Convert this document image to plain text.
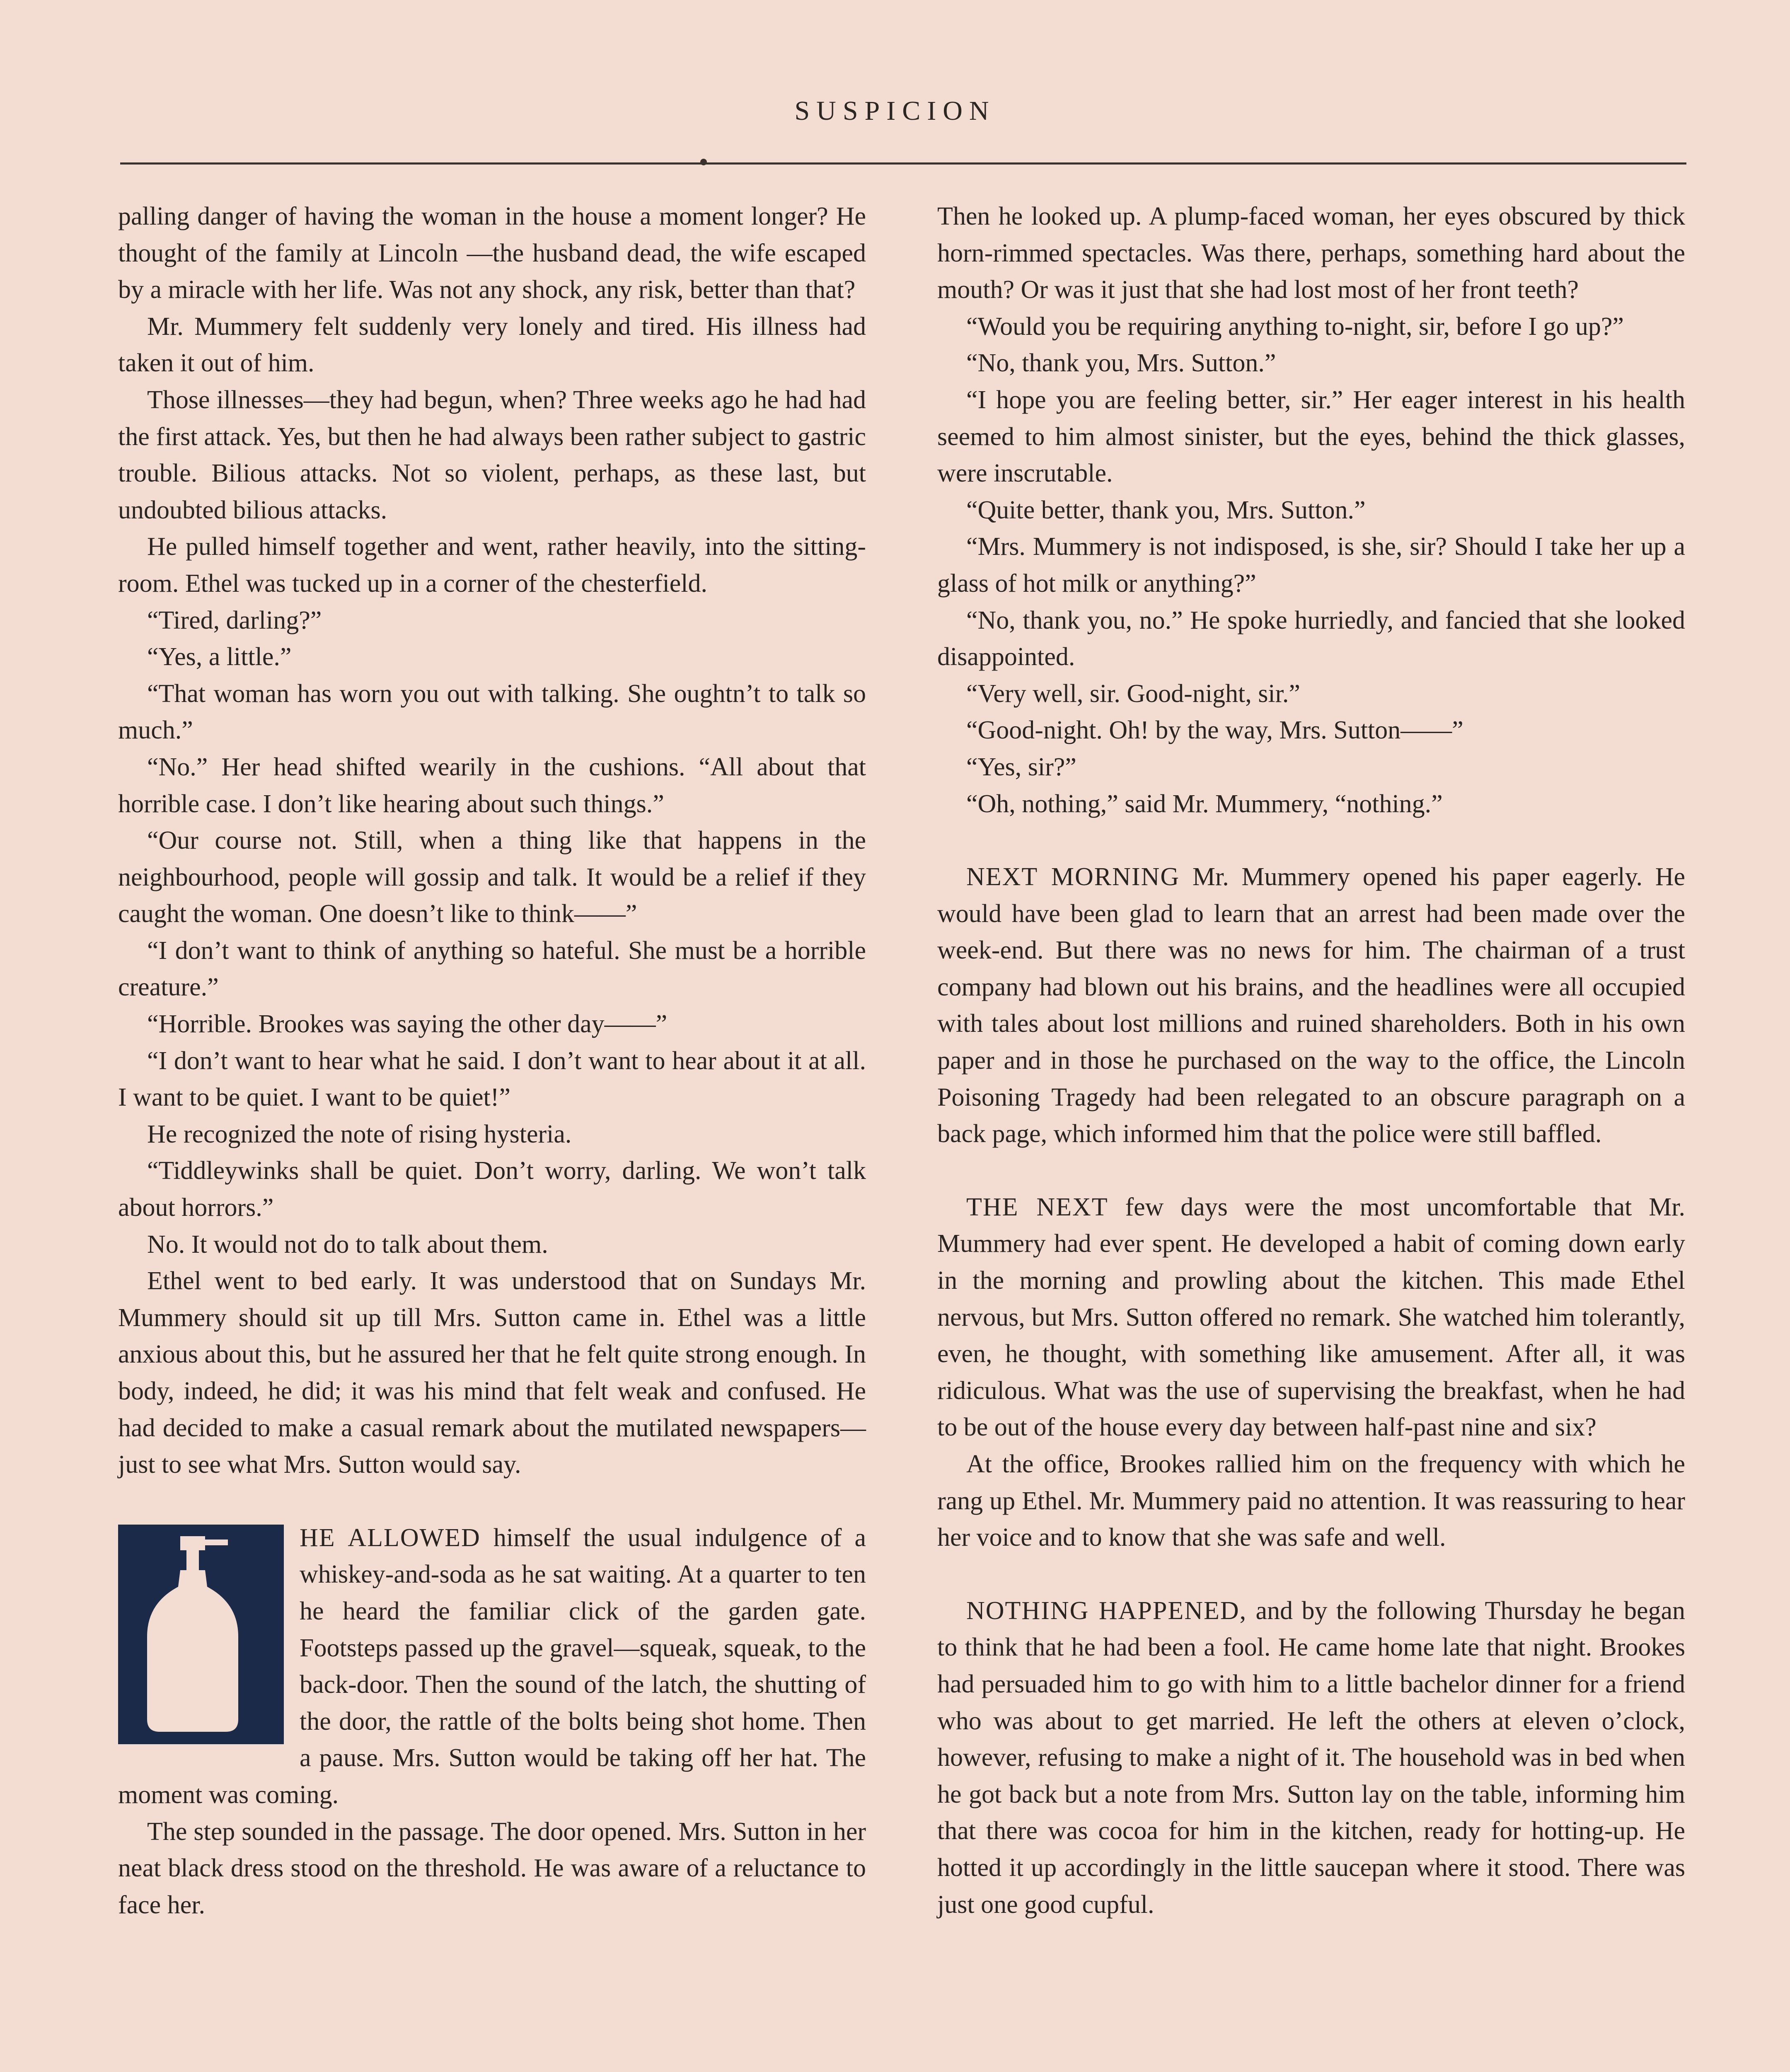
SUSPICION

palling danger of having the woman in the house a moment longer? He thought of the family at Lincoln —the husband dead, the wife escaped by a miracle with her life. Was not any shock, any risk, better than that?

Mr. Mummery felt suddenly very lonely and tired. His illness had taken it out of him.

Those illnesses—they had begun, when? Three weeks ago he had had the first attack. Yes, but then he had always been rather subject to gastric trouble. Bilious attacks. Not so violent, perhaps, as these last, but undoubted bilious attacks.

He pulled himself together and went, rather heavily, into the sitting-room. Ethel was tucked up in a corner of the chesterfield.

“Tired, darling?”

“Yes, a little.”

“That woman has worn you out with talking. She oughtn’t to talk so much.”

“No.” Her head shifted wearily in the cushions. “All about that horrible case. I don’t like hearing about such things.”

“Our course not. Still, when a thing like that happens in the neighbourhood, people will gossip and talk. It would be a relief if they caught the woman. One doesn’t like to think——”

“I don’t want to think of anything so hateful. She must be a horrible creature.”

“Horrible. Brookes was saying the other day——”

“I don’t want to hear what he said. I don’t want to hear about it at all. I want to be quiet. I want to be quiet!”

He recognized the note of rising hysteria.

“Tiddleywinks shall be quiet. Don’t worry, darling. We won’t talk about horrors.”

No. It would not do to talk about them.

Ethel went to bed early. It was understood that on Sundays Mr. Mummery should sit up till Mrs. Sutton came in. Ethel was a little anxious about this, but he assured her that he felt quite strong enough. In body, indeed, he did; it was his mind that felt weak and confused. He had decided to make a casual remark about the mutilated newspapers—just to see what Mrs. Sutton would say.

HE ALLOWED himself the usual indulgence of a whiskey-and-soda as he sat waiting. At a quarter to ten he heard the familiar click of the garden gate. Footsteps passed up the gravel—squeak, squeak, to the back-door. Then the sound of the latch, the shutting of the door, the rattle of the bolts being shot home. Then a pause. Mrs. Sutton would be taking off her hat. The moment was coming.

The step sounded in the passage. The door opened. Mrs. Sutton in her neat black dress stood on the threshold. He was aware of a reluctance to face her.

Then he looked up. A plump-faced woman, her eyes obscured by thick horn-rimmed spectacles. Was there, perhaps, something hard about the mouth? Or was it just that she had lost most of her front teeth?

“Would you be requiring anything to-night, sir, before I go up?”

“No, thank you, Mrs. Sutton.”

“I hope you are feeling better, sir.” Her eager interest in his health seemed to him almost sinister, but the eyes, behind the thick glasses, were inscrutable.

“Quite better, thank you, Mrs. Sutton.”

“Mrs. Mummery is not indisposed, is she, sir? Should I take her up a glass of hot milk or anything?”

“No, thank you, no.” He spoke hurriedly, and fancied that she looked disappointed.

“Very well, sir. Good-night, sir.”

“Good-night. Oh! by the way, Mrs. Sutton——”

“Yes, sir?”

“Oh, nothing,” said Mr. Mummery, “nothing.”

NEXT MORNING Mr. Mummery opened his paper eagerly. He would have been glad to learn that an arrest had been made over the week-end. But there was no news for him. The chairman of a trust company had blown out his brains, and the headlines were all occupied with tales about lost millions and ruined shareholders. Both in his own paper and in those he purchased on the way to the office, the Lincoln Poisoning Tragedy had been relegated to an obscure paragraph on a back page, which informed him that the police were still baffled.

THE NEXT few days were the most uncomfortable that Mr. Mummery had ever spent. He developed a habit of coming down early in the morning and prowling about the kitchen. This made Ethel nervous, but Mrs. Sutton offered no remark. She watched him tolerantly, even, he thought, with something like amusement. After all, it was ridiculous. What was the use of supervising the breakfast, when he had to be out of the house every day between half-past nine and six?

At the office, Brookes rallied him on the frequency with which he rang up Ethel. Mr. Mummery paid no attention. It was reassuring to hear her voice and to know that she was safe and well.

NOTHING HAPPENED, and by the following Thursday he began to think that he had been a fool. He came home late that night. Brookes had persuaded him to go with him to a little bachelor dinner for a friend who was about to get married. He left the others at eleven o’clock, however, refusing to make a night of it. The household was in bed when he got back but a note from Mrs. Sutton lay on the table, informing him that there was cocoa for him in the kitchen, ready for hotting-up. He hotted it up accordingly in the little saucepan where it stood. There was just one good cupful.
